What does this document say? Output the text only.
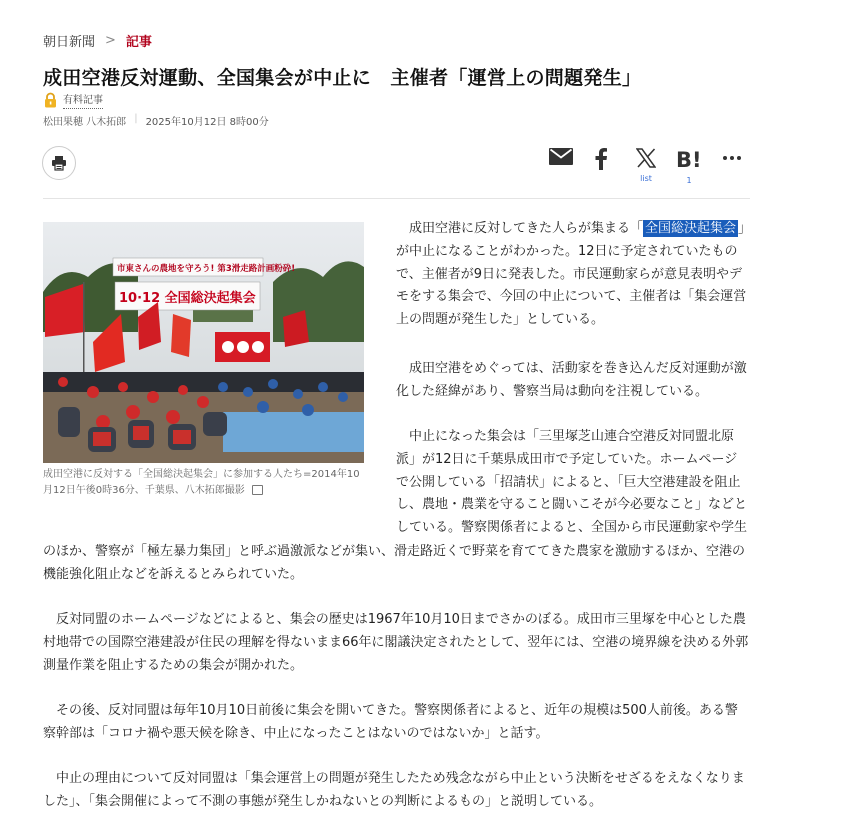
朝日新聞 > 記事
成田空港反対運動、全国集会が中止に　主催者「運営上の問題発生」
有料記事
松田果穂 八木拓郎 | 2025年10月12日 8時00分
list
B!
1
市東さんの農地を守ろう! 第3滑走路計画粉砕!
10·12 全国総決起集会

成田空港に反対する「全国総決起集会」に参加する人たち=2014年10月12日午後0時36分、千葉県、八木拓郎撮影

成田空港に反対してきた人らが集まる「 全国総決起集会 」が中止になることがわかった。12日に予定されていたもので、主催者が9日に発表した。市民運動家らが意見表明やデモをする集会で、今回の中止について、主催者は「集会運営上の問題が発生した」としている。

成田空港をめぐっては、活動家を巻き込んだ反対運動が激化した経緯があり、警察当局は動向を注視している。

中止になった集会は「三里塚芝山連合空港反対同盟北原派」が12日に千葉県成田市で予定していた。ホームページで公開している「招請状」によると、「巨大空港建設を阻止し、農地・農業を守ること闘いこそが今必要なこと」などとしている。警察関係者によると、全国から市民運動家や学生

のほか、警察が「極左暴力集団」と呼ぶ過激派などが集い、滑走路近くで野菜を育ててきた農家を激励するほか、空港の機能強化阻止などを訴えるとみられていた。

反対同盟のホームページなどによると、集会の歴史は1967年10月10日までさかのぼる。成田市三里塚を中心とした農村地帯での国際空港建設が住民の理解を得ないまま66年に閣議決定されたとして、翌年には、空港の境界線を決める外郭測量作業を阻止するための集会が開かれた。

その後、反対同盟は毎年10月10日前後に集会を開いてきた。警察関係者によると、近年の規模は500人前後。ある警察幹部は「コロナ禍や悪天候を除き、中止になったことはないのではないか」と話す。

中止の理由について反対同盟は「集会運営上の問題が発生したため残念ながら中止という決断をせざるをえなくなりました」、「集会開催によって不測の事態が発生しかねないとの判断によるもの」と説明している。
